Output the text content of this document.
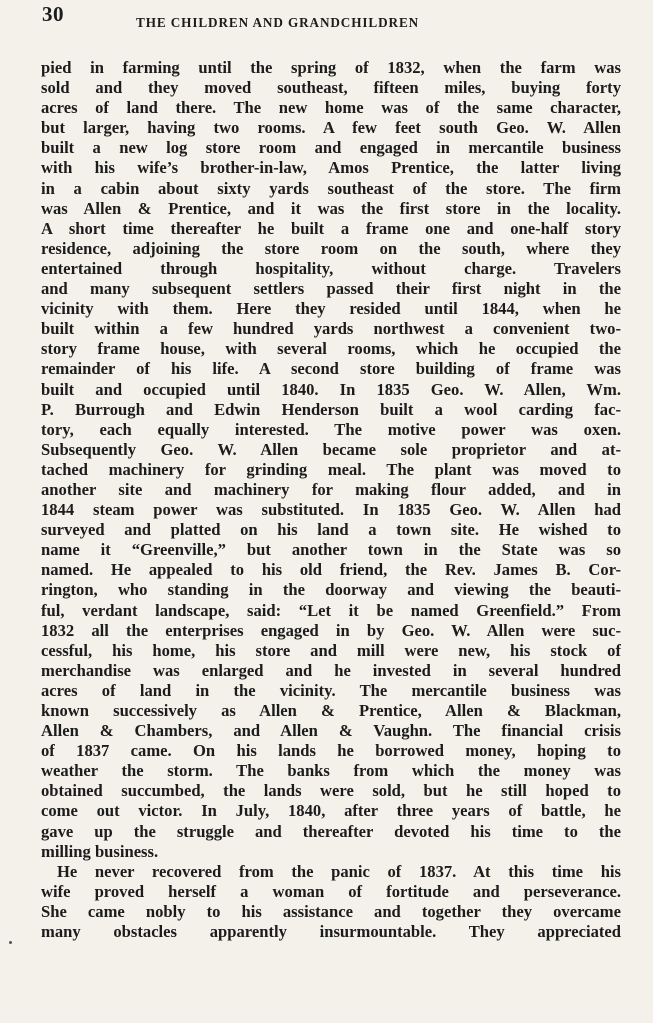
30	THE CHILDREN AND GRANDCHILDREN
pied in farming until the spring of 1832, when the farm was
sold and they moved southeast, fifteen miles, buying forty
acres of land there. The new home was of the same character,
but larger, having two rooms. A few feet south Geo. W. Allen
built a new log store room and engaged in mercantile business
with his wife’s brother-in-law, Amos Prentice, the latter living
in a cabin about sixty yards southeast of the store. The firm
was Allen & Prentice, and it was the first store in the locality.
A short time thereafter he built a frame one and one-half story
residence, adjoining the store room on the south, where they
entertained through hospitality, without charge. Travelers
and many subsequent settlers passed their first night in the
vicinity with them. Here they resided until 1844, when he
built within a few hundred yards northwest a convenient two-
story frame house, with several rooms, which he occupied the
remainder of his life. A second store building of frame was
built and occupied until 1840. In 1835 Geo. W. Allen, Wm.
P. Burrough and Edwin Henderson built a wool carding fac-
tory, each equally interested. The motive power was oxen.
Subsequently Geo. W. Allen became sole proprietor and at-
tached machinery for grinding meal. The plant was moved to
another site and machinery for making flour added, and in
1844 steam power was substituted. In 1835 Geo. W. Allen had
surveyed and platted on his land a town site. He wished to
name it “Greenville,” but another town in the State was so
named. He appealed to his old friend, the Rev. James B. Cor-
rington, who standing in the doorway and viewing the beauti-
ful, verdant landscape, said: “Let it be named Greenfield.” From
1832 all the enterprises engaged in by Geo. W. Allen were suc-
cessful, his home, his store and mill were new, his stock of
merchandise was enlarged and he invested in several hundred
acres of land in the vicinity. The mercantile business was
known successively as Allen & Prentice, Allen & Blackman,
Allen & Chambers, and Allen & Vaughn. The financial crisis
of 1837 came. On his lands he borrowed money, hoping to
weather the storm. The banks from which the money was
obtained succumbed, the lands were sold, but he still hoped to
come out victor. In July, 1840, after three years of battle, he
gave up the struggle and thereafter devoted his time to the
milling business.
He never recovered from the panic of 1837. At this time his
wife proved herself a woman of fortitude and perseverance.
She came nobly to his assistance and together they overcame
many obstacles apparently insurmountable. They appreciated
